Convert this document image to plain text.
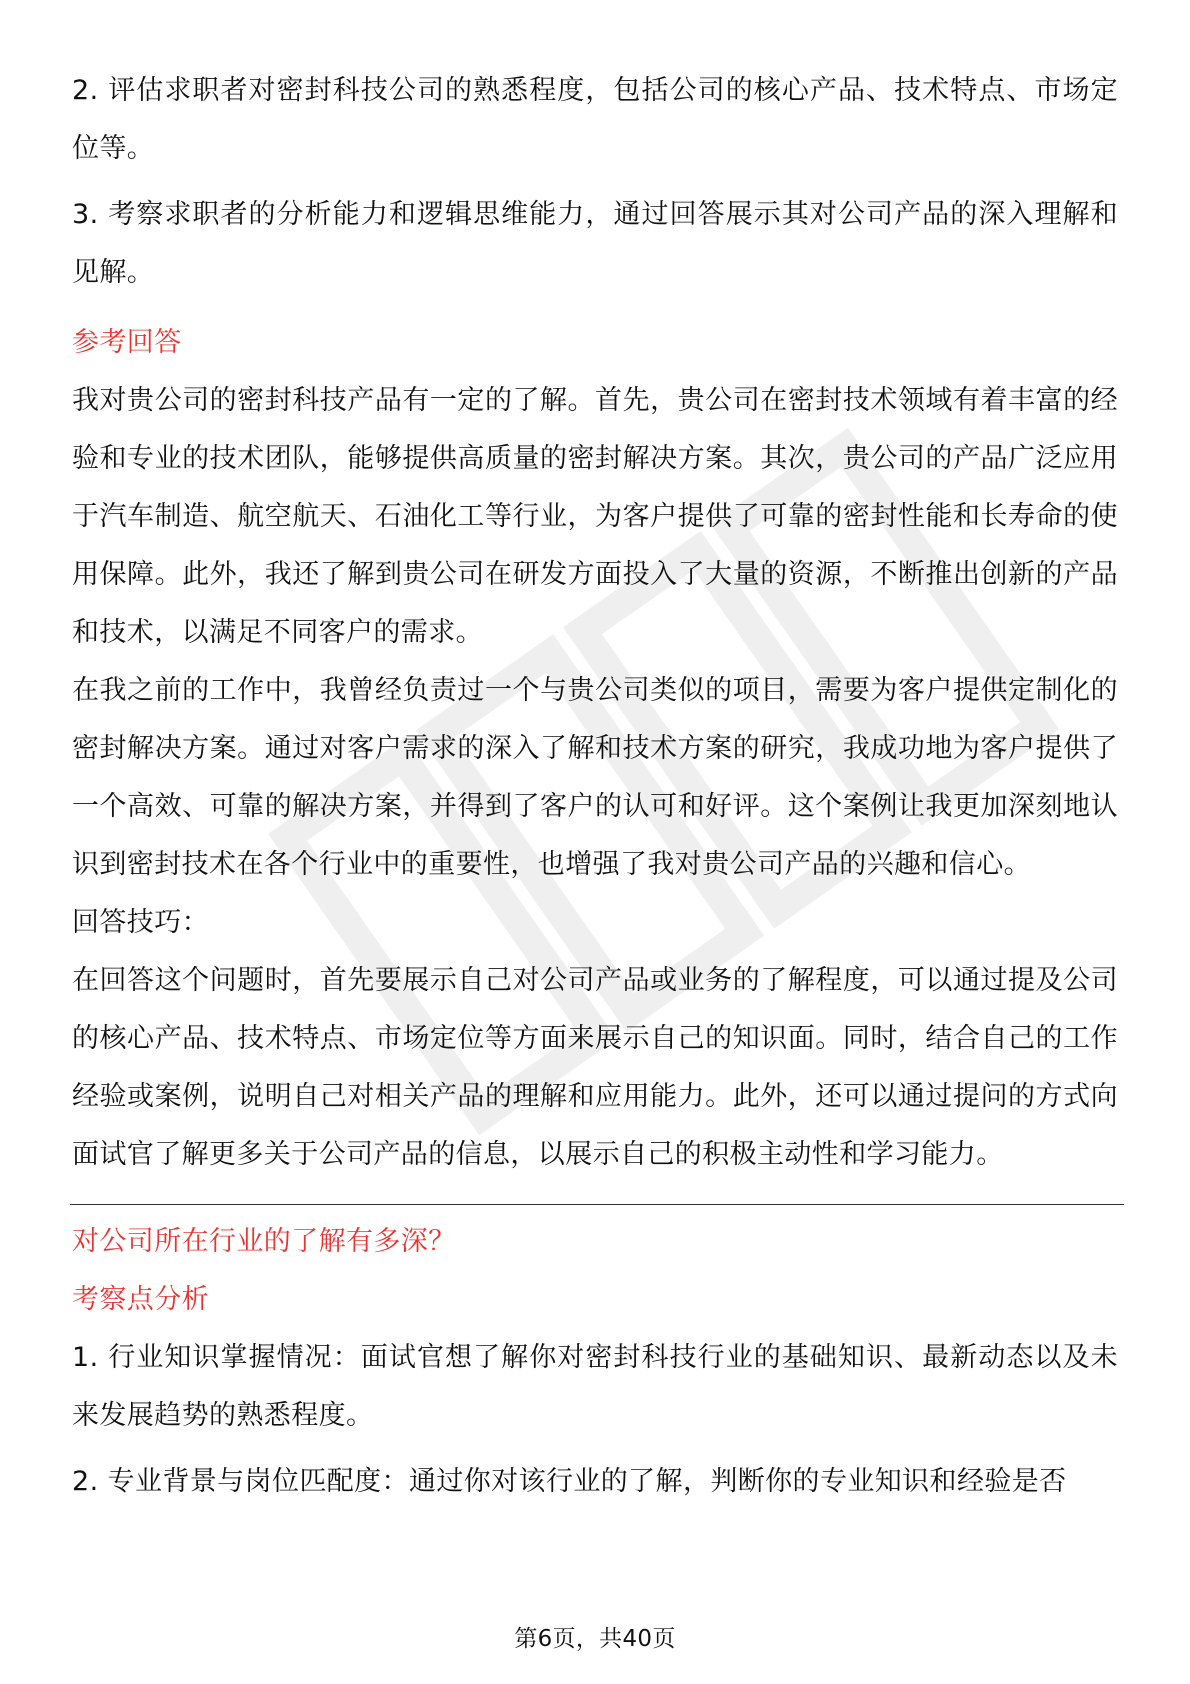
2. 评估求职者对密封科技公司的熟悉程度，包括公司的核心产品、技术特点、市场定位等。

3. 考察求职者的分析能力和逻辑思维能力，通过回答展示其对公司产品的深入理解和见解。

参考回答

我对贵公司的密封科技产品有一定的了解。首先，贵公司在密封技术领域有着丰富的经验和专业的技术团队，能够提供高质量的密封解决方案。其次，贵公司的产品广泛应用于汽车制造、航空航天、石油化工等行业，为客户提供了可靠的密封性能和长寿命的使用保障。此外，我还了解到贵公司在研发方面投入了大量的资源，不断推出创新的产品和技术，以满足不同客户的需求。

在我之前的工作中，我曾经负责过一个与贵公司类似的项目，需要为客户提供定制化的密封解决方案。通过对客户需求的深入了解和技术方案的研究，我成功地为客户提供了一个高效、可靠的解决方案，并得到了客户的认可和好评。这个案例让我更加深刻地认识到密封技术在各个行业中的重要性，也增强了我对贵公司产品的兴趣和信心。

回答技巧：

在回答这个问题时，首先要展示自己对公司产品或业务的了解程度，可以通过提及公司的核心产品、技术特点、市场定位等方面来展示自己的知识面。同时，结合自己的工作经验或案例，说明自己对相关产品的理解和应用能力。此外，还可以通过提问的方式向面试官了解更多关于公司产品的信息，以展示自己的积极主动性和学习能力。

对公司所在行业的了解有多深？

考察点分析

1. 行业知识掌握情况：面试官想了解你对密封科技行业的基础知识、最新动态以及未来发展趋势的熟悉程度。

2. 专业背景与岗位匹配度：通过你对该行业的了解，判断你的专业知识和经验是否

第6页，共40页
